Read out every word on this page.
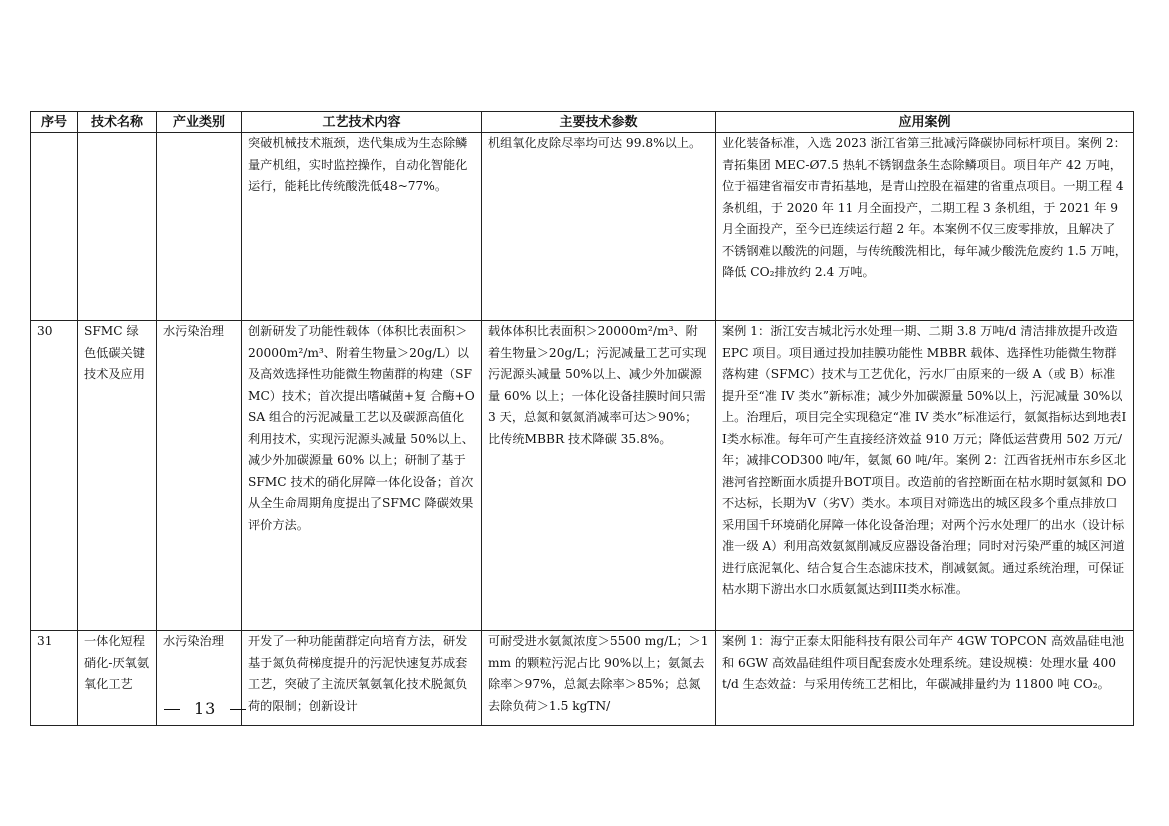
序号	技术名称	产业类别	工艺技术内容	主要技术参数	应用案例
			突破机械技术瓶颈，迭代集成为生态除鳞量产机组，实时监控操作，自动化智能化运行，能耗比传统酸洗低48~77%。	机组氧化皮除尽率均可达 99.8%以上。	业化装备标准，入选 2023 浙江省第三批减污降碳协同标杆项目。案例 2：青拓集团 MEC-Ø7.5 热轧不锈钢盘条生态除鳞项目。项目年产 42 万吨，位于福建省福安市青拓基地，是青山控股在福建的省重点项目。一期工程 4 条机组，于 2020 年 11 月全面投产，二期工程 3 条机组，于 2021 年 9 月全面投产，至今已连续运行超 2 年。本案例不仅三废零排放，且解决了不锈钢难以酸洗的问题，与传统酸洗相比，每年减少酸洗危废约 1.5 万吨，降低 CO₂排放约 2.4 万吨。
30	SFMC 绿色低碳关键技术及应用	水污染治理	创新研发了功能性载体（体积比表面积＞20000m²/m³、附着生物量＞20g/L）以及高效选择性功能微生物菌群的构建（SFMC）技术；首次提出嗜碱菌+复 合酶+OSA 组合的污泥减量工艺以及碳源高值化利用技术，实现污泥源头减量 50%以上、减少外加碳源量 60% 以上；研制了基于 SFMC 技术的硝化屏障一体化设备；首次从全生命周期角度提出了SFMC 降碳效果评价方法。	载体体积比表面积＞20000m²/m³、附着生物量＞20g/L；污泥减量工艺可实现污泥源头减量 50%以上、减少外加碳源量 60% 以上；一体化设备挂膜时间只需 3 天，总氮和氨氮消减率可达＞90%；比传统MBBR 技术降碳 35.8%。	案例 1：浙江安吉城北污水处理一期、二期 3.8 万吨/d 清洁排放提升改造 EPC 项目。项目通过投加挂膜功能性 MBBR 载体、选择性功能微生物群落构建（SFMC）技术与工艺优化，污水厂由原来的一级 A（或 B）标准提升至“准 IV 类水”新标准；减少外加碳源量 50%以上，污泥减量 30%以上。治理后，项目完全实现稳定“准 IV 类水”标准运行，氨氮指标达到地表II类水标准。每年可产生直接经济效益 910 万元；降低运营费用 502 万元/年；减排COD300 吨/年，氨氮 60 吨/年。案例 2：江西省抚州市东乡区北港河省控断面水质提升BOT项目。改造前的省控断面在枯水期时氨氮和 DO 不达标，长期为V（劣V）类水。本项目对筛选出的城区段多个重点排放口采用国千环境硝化屏障一体化设备治理；对两个污水处理厂的出水（设计标准一级 A）利用高效氨氮削减反应器设备治理；同时对污染严重的城区河道进行底泥氧化、结合复合生态滤床技术，削减氨氮。通过系统治理，可保证枯水期下游出水口水质氨氮达到III类水标准。
31	一体化短程硝化-厌氧氨氧化工艺	水污染治理	开发了一种功能菌群定向培育方法，研发基于氮负荷梯度提升的污泥快速复苏成套工艺，突破了主流厌氧氨氧化技术脱氮负荷的限制；创新设计	可耐受进水氨氮浓度＞5500 mg/L；＞1mm 的颗粒污泥占比 90%以上；氨氮去除率＞97%，总氮去除率＞85%；总氮去除负荷＞1.5 kgTN/	案例 1：海宁正泰太阳能科技有限公司年产 4GW TOPCON 高效晶硅电池和 6GW 高效晶硅组件项目配套废水处理系统。建设规模：处理水量 400 t/d 生态效益：与采用传统工艺相比，年碳减排量约为 11800 吨 CO₂。
13
